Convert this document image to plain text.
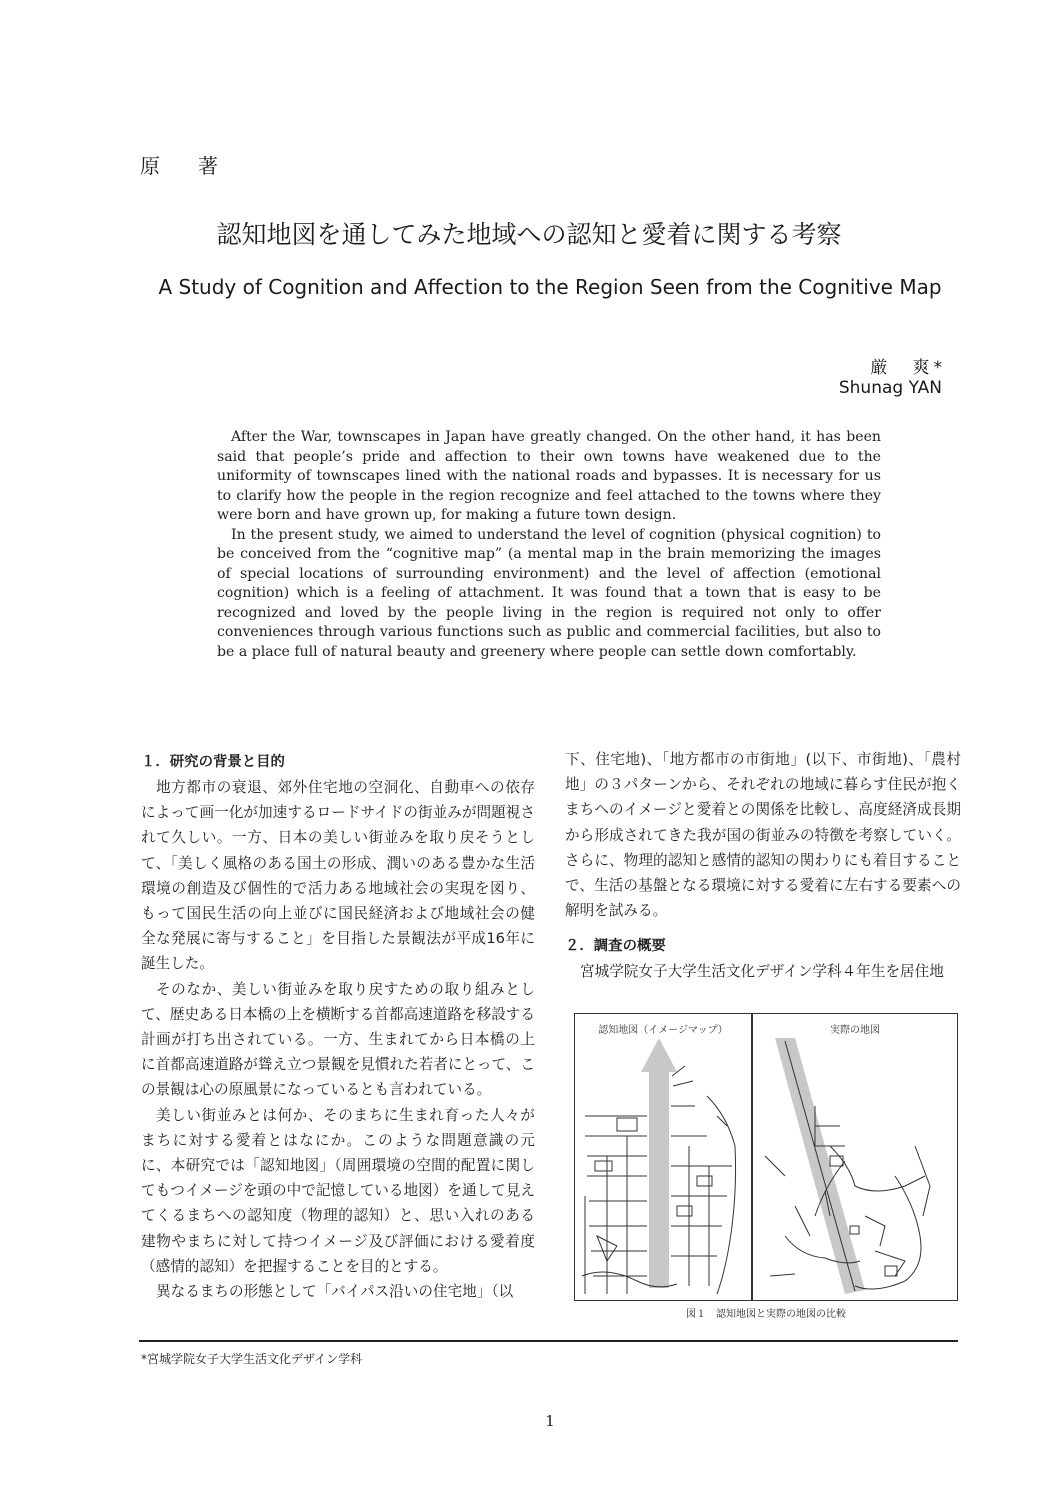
原著
認知地図を通してみた地域への認知と愛着に関する考察
A Study of Cognition and Affection to the Region Seen from the Cognitive Map
厳　爽*
Shunag YAN

After the War, townscapes in Japan have greatly changed. On the other hand, it has been said that people’s pride and affection to their own towns have weakened due to the uniformity of townscapes lined with the national roads and bypasses. It is necessary for us to clarify how the people in the region recognize and feel attached to the towns where they were born and have grown up, for making a future town design.

In the present study, we aimed to understand the level of cognition (physical cognition) to be conceived from the “cognitive map” (a mental map in the brain memorizing the images of special locations of surrounding environment) and the level of affection (emotional cognition) which is a feeling of attachment. It was found that a town that is easy to be recognized and loved by the people living in the region is required not only to offer conveniences through various functions such as public and commercial facilities, but also to be a place full of natural beauty and greenery where people can settle down comfortably.

１．研究の背景と目的

地方都市の衰退、郊外住宅地の空洞化、自動車への依存によって画一化が加速するロードサイドの街並みが問題視されて久しい。一方、日本の美しい街並みを取り戻そうとして、「美しく風格のある国土の形成、潤いのある豊かな生活環境の創造及び個性的で活力ある地域社会の実現を図り、もって国民生活の向上並びに国民経済および地域社会の健全な発展に寄与すること」を目指した景観法が平成16年に誕生した。

そのなか、美しい街並みを取り戻すための取り組みとして、歴史ある日本橋の上を横断する首都高速道路を移設する計画が打ち出されている。一方、生まれてから日本橋の上に首都高速道路が聳え立つ景観を見慣れた若者にとって、この景観は心の原風景になっているとも言われている。

美しい街並みとは何か、そのまちに生まれ育った人々がまちに対する愛着とはなにか。このような問題意識の元に、本研究では「認知地図」（周囲環境の空間的配置に関してもつイメージを頭の中で記憶している地図）を通して見えてくるまちへの認知度（物理的認知）と、思い入れのある建物やまちに対して持つイメージ及び評価における愛着度（感情的認知）を把握することを目的とする。

異なるまちの形態として「バイパス沿いの住宅地」（以

下、住宅地)、「地方都市の市街地」(以下、市街地)、「農村地」の３パターンから、それぞれの地域に暮らす住民が抱くまちへのイメージと愛着との関係を比較し、高度経済成長期から形成されてきた我が国の街並みの特徴を考察していく。さらに、物理的認知と感情的認知の関わりにも着目することで、生活の基盤となる環境に対する愛着に左右する要素への解明を試みる。

２．調査の概要

宮城学院女子大学生活文化デザイン学科４年生を居住地

認知地図（イメージマップ）	実際の地図
図１　認知地図と実際の地図の比較
*宮城学院女子大学生活文化デザイン学科
1
